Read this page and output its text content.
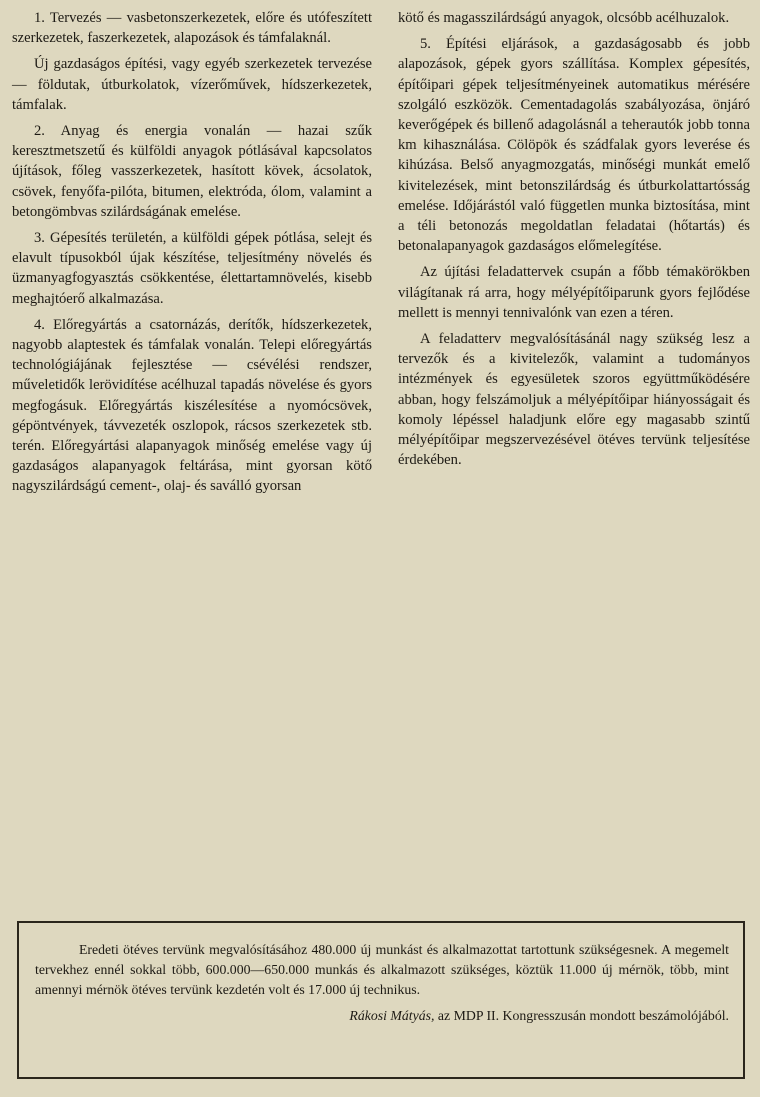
1. Tervezés — vasbetonszerkezetek, előre és utófeszített szerkezetek, faszerkezetek, alapozások és támfalaknál.

Új gazdaságos építési, vagy egyéb szerkezetek tervezése — földutak, útburkolatok, vízerőművek, hídszerkezetek, támfalak.

2. Anyag és energia vonalán — hazai szűk keresztmetszetű és külföldi anyagok pótlásával kapcsolatos újítások, főleg vasszerkezetek, hasított kövek, ácsolatok, csövek, fenyőfa-pilóta, bitumen, elektróda, ólom, valamint a betongömbvas szilárdságának emelése.

3. Gépesítés területén, a külföldi gépek pótlása, selejt és elavult típusokból újak készítése, teljesítmény növelés és üzmanyagfogyasztás csökkentése, élettartamnövelés, kisebb meghajtóerő alkalmazása.

4. Előregyártás a csatornázás, derítők, hídszerkezetek, nagyobb alaptestek és támfalak vonalán. Telepi előregyártás technológiájának fejlesztése — csévélési rendszer, műveletidők lerövidítése acélhuzal tapadás növelése és gyors megfogásuk. Előregyártás kiszélesítése a nyomócsövek, gépöntvények, távvezeték oszlopok, rácsos szerkezetek stb. terén. Előregyártási alapanyagok minőség emelése vagy új gazdaságos alapanyagok feltárása, mint gyorsan kötő nagyszilárdságú cement-, olaj- és saválló gyorsan

kötő és magasszilárdságú anyagok, olcsóbb acélhuzalok.

5. Építési eljárások, a gazdaságosabb és jobb alapozások, gépek gyors szállítása. Komplex gépesítés, építőipari gépek teljesítményeinek automatikus mérésére szolgáló eszközök. Cementadagolás szabályozása, önjáró keverőgépek és billenő adagolásnál a teherautók jobb tonna km kihasználása. Cölöpök és szádfalak gyors leverése és kihúzása. Belső anyagmozgatás, minőségi munkát emelő kivitelezések, mint betonszilárdság és útburkolattartósság emelése. Időjárástól való független munka biztosítása, mint a téli betonozás megoldatlan feladatai (hőtartás) és betonalapanyagok gazdaságos előmelegítése.

Az újítási feladattervek csupán a főbb témakörökben világítanak rá arra, hogy mélyépítőiparunk gyors fejlődése mellett is mennyi tennivalónk van ezen a téren.

A feladatterv megvalósításánál nagy szükség lesz a tervezők és a kivitelezők, valamint a tudományos intézmények és egyesületek szoros együttműködésére abban, hogy felszámoljuk a mélyépítőipar hiányosságait és komoly lépéssel haladjunk előre egy magasabb szintű mélyépítőipar megszervezésével ötéves tervünk teljesítése érdekében.

Eredeti ötéves tervünk megvalósításához 480.000 új munkást és alkalmazottat tartottunk szükségesnek. A megemelt tervekhez ennél sokkal több, 600.000—650.000 munkás és alkalmazott szükséges, köztük 11.000 új mérnök, több, mint amennyi mérnök ötéves tervünk kezdetén volt és 17.000 új technikus.

Rákosi Mátyás, az MDP II. Kongresszusán mondott beszámolójából.
